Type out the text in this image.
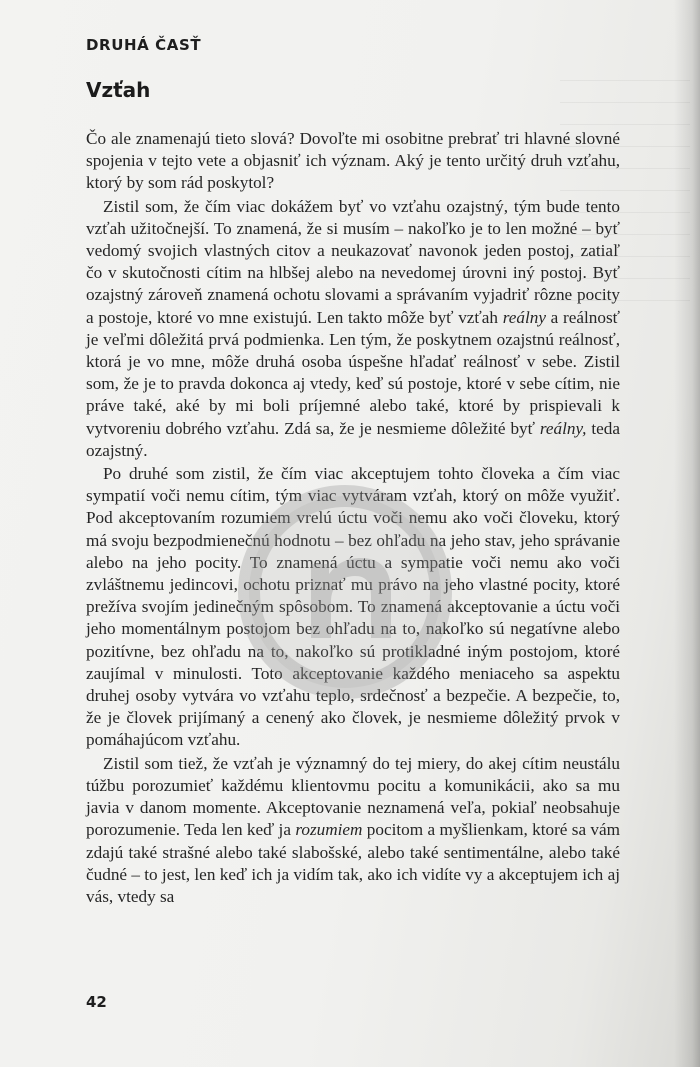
DRUHÁ ČASŤ
Vzťah

Čo ale znamenajú tieto slová? Dovoľte mi osobitne prebrať tri hlavné slovné spojenia v tejto vete a objasniť ich význam. Aký je tento určitý druh vzťahu, ktorý by som rád poskytol?

Zistil som, že čím viac dokážem byť vo vzťahu ozajstný, tým bude tento vzťah užitočnejší. To znamená, že si musím – nakoľko je to len možné – byť vedomý svojich vlastných citov a neukazovať navonok jeden postoj, zatiaľ čo v skutočnosti cítim na hlbšej alebo na nevedomej úrovni iný postoj. Byť ozajstný zároveň znamená ochotu slovami a správaním vyjadriť rôzne pocity a postoje, ktoré vo mne existujú. Len takto môže byť vzťah reálny a reálnosť je veľmi dôležitá prvá podmienka. Len tým, že poskytnem ozajstnú reálnosť, ktorá je vo mne, môže druhá osoba úspešne hľadať reálnosť v sebe. Zistil som, že je to pravda dokonca aj vtedy, keď sú postoje, ktoré v sebe cítim, nie práve také, aké by mi boli príjemné alebo také, ktoré by prispievali k vytvoreniu dobrého vzťahu. Zdá sa, že je nesmieme dôležité byť reálny, teda ozajstný.

Po druhé som zistil, že čím viac akceptujem tohto človeka a čím viac sympatií voči nemu cítim, tým viac vytváram vzťah, ktorý on môže využiť. Pod akceptovaním rozumiem vrelú úctu voči nemu ako voči človeku, ktorý má svoju bezpodmienečnú hodnotu – bez ohľadu na jeho stav, jeho správanie alebo na jeho pocity. To znamená úctu a sympatie voči nemu ako voči zvláštnemu jedincovi, ochotu priznať mu právo na jeho vlastné pocity, ktoré prežíva svojím jedinečným spôsobom. To znamená akceptovanie a úctu voči jeho momentálnym postojom bez ohľadu na to, nakoľko sú negatívne alebo pozitívne, bez ohľadu na to, nakoľko sú protikladné iným postojom, ktoré zaujímal v minulosti. Toto akceptovanie každého meniaceho sa aspektu druhej osoby vytvára vo vzťahu teplo, srdečnosť a bezpečie. A bezpečie, to, že je človek prijímaný a cenený ako človek, je nesmieme dôležitý prvok v pomáhajúcom vzťahu.

Zistil som tiež, že vzťah je významný do tej miery, do akej cítim neustálu túžbu porozumieť každému klientovmu pocitu a komunikácii, ako sa mu javia v danom momente. Akceptovanie neznamená veľa, pokiaľ neobsahuje porozumenie. Teda len keď ja rozumiem pocitom a myšlienkam, ktoré sa vám zdajú také strašné alebo také slabošské, alebo také sentimentálne, alebo také čudné – to jest, len keď ich ja vidím tak, ako ich vidíte vy a akceptujem ich aj vás, vtedy sa

42
